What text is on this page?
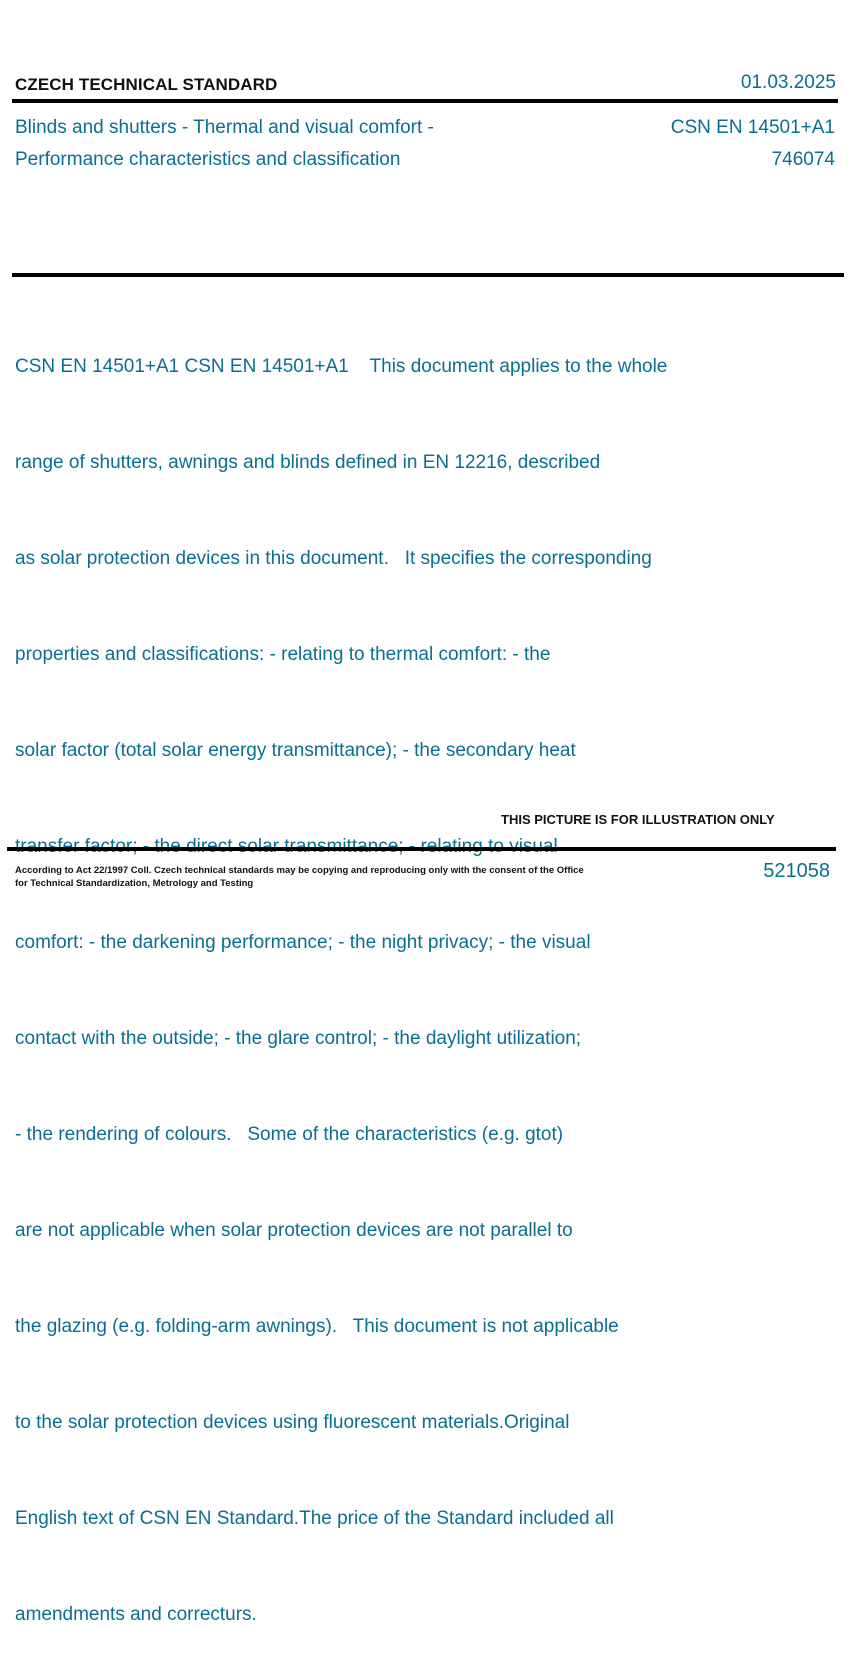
CZECH TECHNICAL STANDARD	01.03.2025
Blinds and shutters - Thermal and visual comfort -
Performance characteristics and classification
CSN EN 14501+A1
746074

CSN EN 14501+A1 CSN EN 14501+A1    This document applies to the whole

range of shutters, awnings and blinds defined in EN 12216, described

as solar protection devices in this document.   It specifies the corresponding

properties and classifications: - relating to thermal comfort: - the

solar factor (total solar energy transmittance); - the secondary heat

transfer factor; - the direct solar transmittance; - relating to visual

comfort: - the darkening performance; - the night privacy; - the visual

contact with the outside; - the glare control; - the daylight utilization;

- the rendering of colours.   Some of the characteristics (e.g. gtot)

are not applicable when solar protection devices are not parallel to

the glazing (e.g. folding-arm awnings).   This document is not applicable

to the solar protection devices using fluorescent materials.Original

English text of CSN EN Standard.The price of the Standard included all

amendments and correcturs.

THIS PICTURE IS FOR ILLUSTRATION ONLY
According to Act 22/1997 Coll. Czech technical standards may be copying and reproducing only with the consent of the Office
for Technical Standardization, Metrology and Testing
521058
